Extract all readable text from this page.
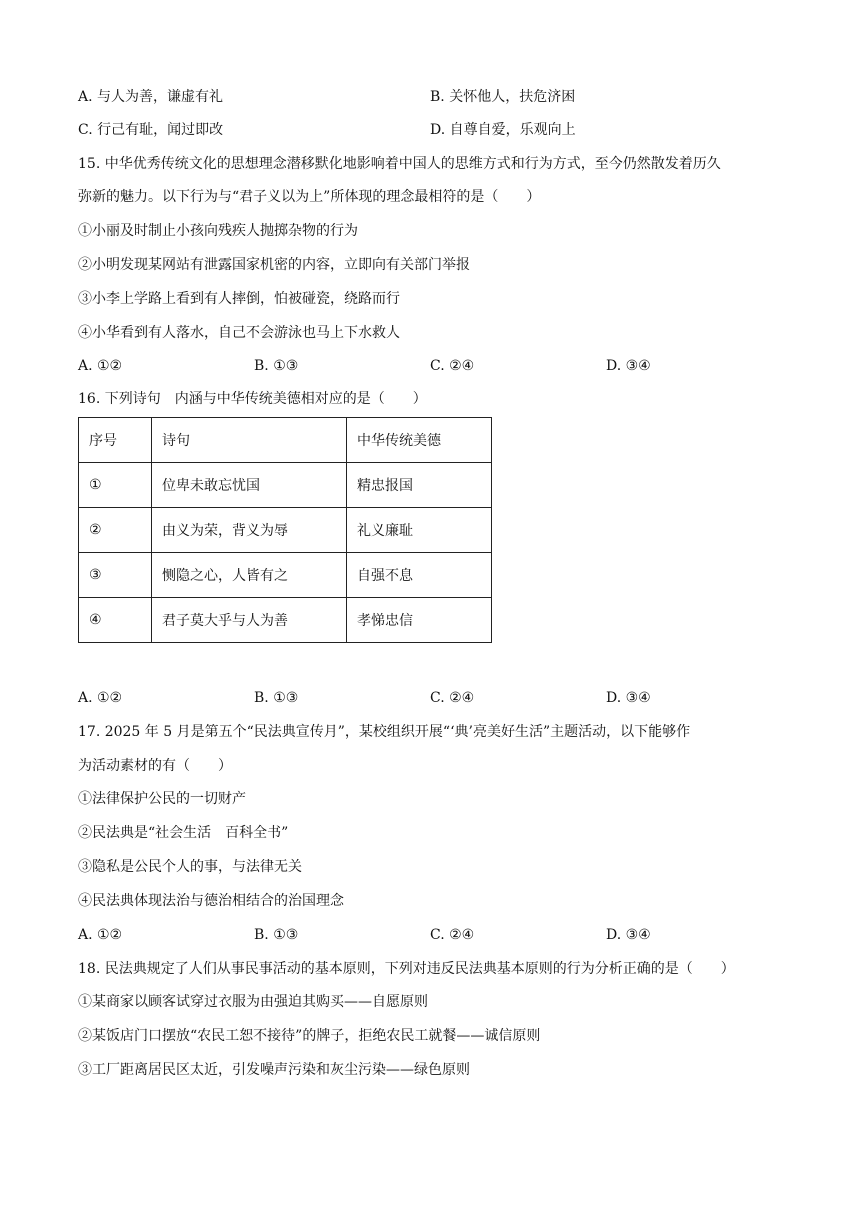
A. 与人为善，谦虚有礼	B. 关怀他人，扶危济困
C. 行己有耻，闻过即改	D. 自尊自爱，乐观向上
15. 中华优秀传统文化的思想理念潜移默化地影响着中国人的思维方式和行为方式，至今仍然散发着历久
弥新的魅力。以下行为与“君子义以为上”所体现的理念最相符的是（　　）
①小丽及时制止小孩向残疾人抛掷杂物的行为
②小明发现某网站有泄露国家机密的内容，立即向有关部门举报
③小李上学路上看到有人摔倒，怕被碰瓷，绕路而行
④小华看到有人落水，自己不会游泳也马上下水救人
A. ①②	B. ①③	C. ②④	D. ③④
16. 下列诗句　内涵与中华传统美德相对应的是（　　）
序号	诗句	中华传统美德
①	位卑未敢忘忧国	精忠报国
②	由义为荣，背义为辱	礼义廉耻
③	恻隐之心，人皆有之	自强不息
④	君子莫大乎与人为善	孝悌忠信
A. ①②	B. ①③	C. ②④	D. ③④
17. 2025 年 5 月是第五个“民法典宣传月”，某校组织开展“‘典’亮美好生活”主题活动，以下能够作
为活动素材的有（　　）
①法律保护公民的一切财产
②民法典是“社会生活　百科全书”
③隐私是公民个人的事，与法律无关
④民法典体现法治与德治相结合的治国理念
A. ①②	B. ①③	C. ②④	D. ③④
18. 民法典规定了人们从事民事活动的基本原则，下列对违反民法典基本原则的行为分析正确的是（　　）
①某商家以顾客试穿过衣服为由强迫其购买——自愿原则
②某饭店门口摆放“农民工恕不接待”的牌子，拒绝农民工就餐——诚信原则
③工厂距离居民区太近，引发噪声污染和灰尘污染——绿色原则
